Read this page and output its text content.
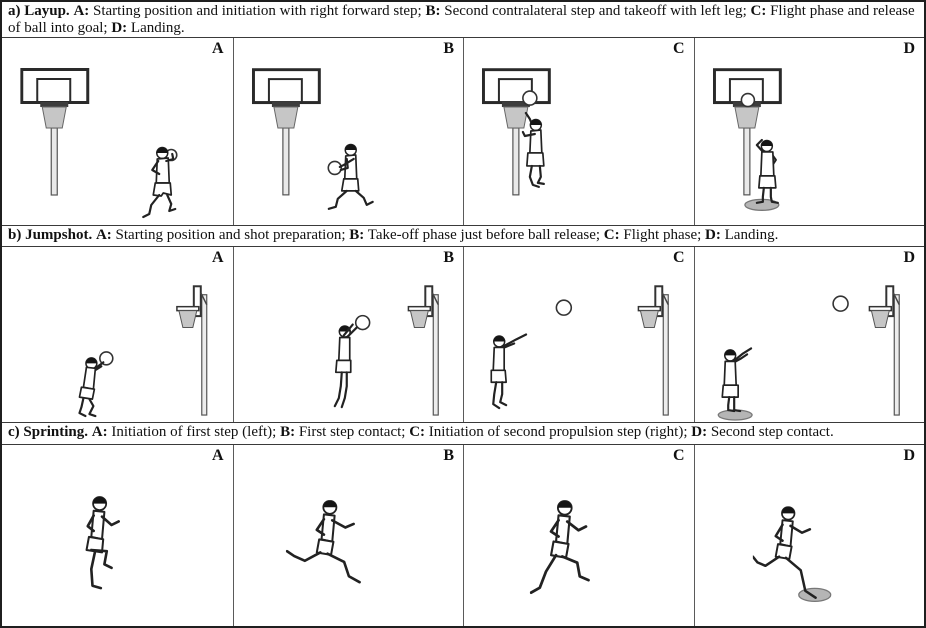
a) Layup. A: Starting position and initiation with right forward step; B: Second contralateral step and takeoff with left leg; C: Flight phase and release of ball into goal; D: Landing.
A	B	C	D
b) Jumpshot. A: Starting position and shot preparation; B: Take-off phase just before ball release; C: Flight phase; D: Landing.
A	B	C	D
c) Sprinting. A: Initiation of first step (left); B: First step contact; C: Initiation of second propulsion step (right); D: Second step contact.
A	B	C	D
